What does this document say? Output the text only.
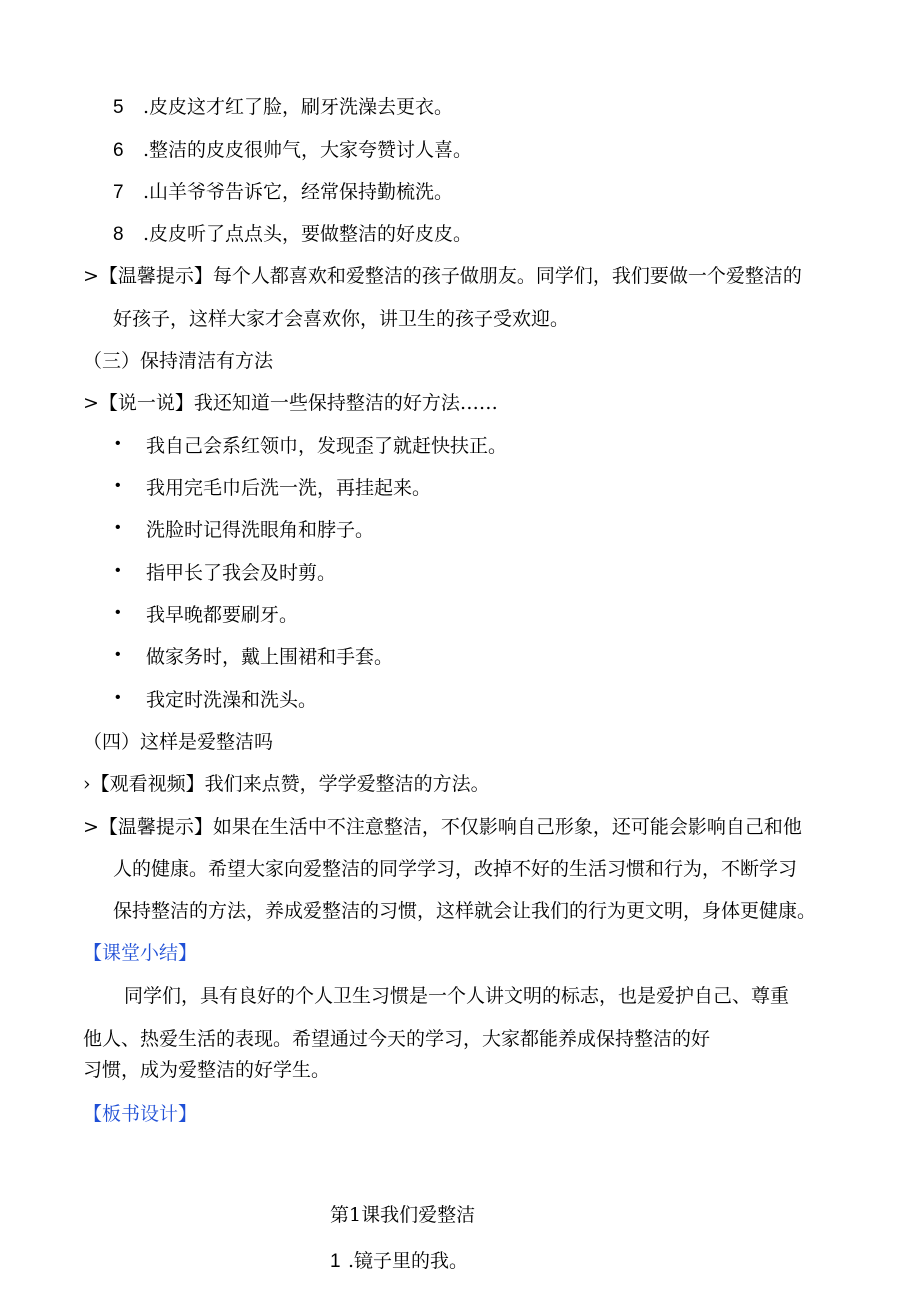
5 .皮皮这才红了脸，刷牙洗澡去更衣。
6 .整洁的皮皮很帅气，大家夸赞讨人喜。
7 .山羊爷爷告诉它，经常保持勤梳洗。
8 .皮皮听了点点头，要做整洁的好皮皮。
>【温馨提示】每个人都喜欢和爱整洁的孩子做朋友。同学们，我们要做一个爱整洁的
好孩子，这样大家才会喜欢你，讲卫生的孩子受欢迎。
（三）保持清洁有方法
>【说一说】我还知道一些保持整洁的好方法……
• 我自己会系红领巾，发现歪了就赶快扶正。
• 我用完毛巾后洗一洗，再挂起来。
• 洗脸时记得洗眼角和脖子。
• 指甲长了我会及时剪。
• 我早晚都要刷牙。
• 做家务时，戴上围裙和手套。
• 我定时洗澡和洗头。
（四）这样是爱整洁吗
›【观看视频】我们来点赞，学学爱整洁的方法。
>【温馨提示】如果在生活中不注意整洁，不仅影响自己形象，还可能会影响自己和他
人的健康。希望大家向爱整洁的同学学习，改掉不好的生活习惯和行为，不断学习
保持整洁的方法，养成爱整洁的习惯，这样就会让我们的行为更文明，身体更健康。
【课堂小结】
同学们，具有良好的个人卫生习惯是一个人讲文明的标志，也是爱护自己、尊重
他人、热爱生活的表现。希望通过今天的学习，大家都能养成保持整洁的好
习惯，成为爱整洁的好学生。
【板书设计】
第1课我们爱整洁
1 .镜子里的我。
